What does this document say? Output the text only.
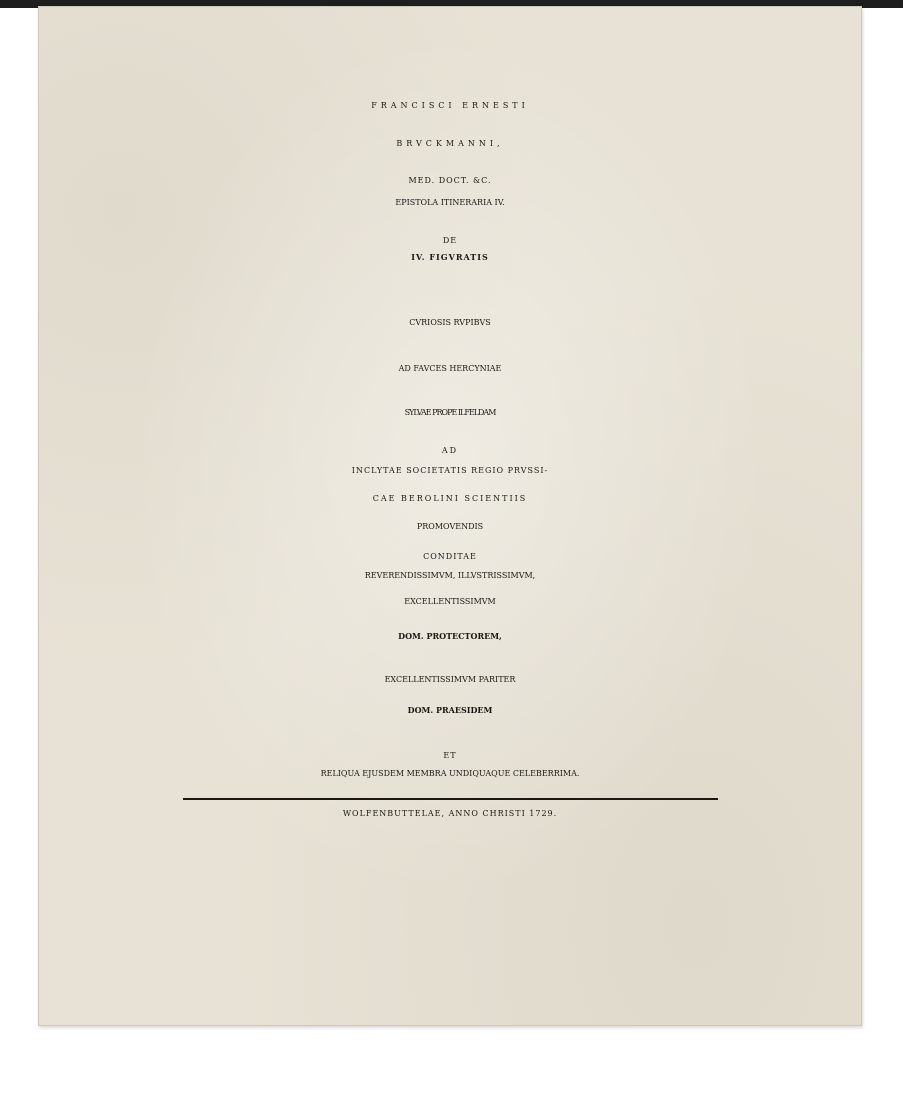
FRANCISCI ERNESTI
BRVCKMANNI,
MED. DOCT. &C.
EPISTOLA ITINERARIA IV.
DE
IV. FIGVRATIS
CVRIOSIS RVPIBVS
AD FAVCES HERCYNIAE
SYLVAE PROPE ILFELDAM
AD
INCLYTAE SOCIETATIS REGIO PRVSSI-
CAE BEROLINI SCIENTIIS
PROMOVENDIS
CONDITAE
REVERENDISSIMVM, ILLVSTRISSIMVM,
EXCELLENTISSIMVM
DOM. PROTECTOREM,
EXCELLENTISSIMVM PARITER
DOM. PRAESIDEM
ET
RELIQUA EJUSDEM MEMBRA UNDIQUAQUE CELEBERRIMA.
WOLFENBUTTELAE, ANNO CHRISTI 1729.
